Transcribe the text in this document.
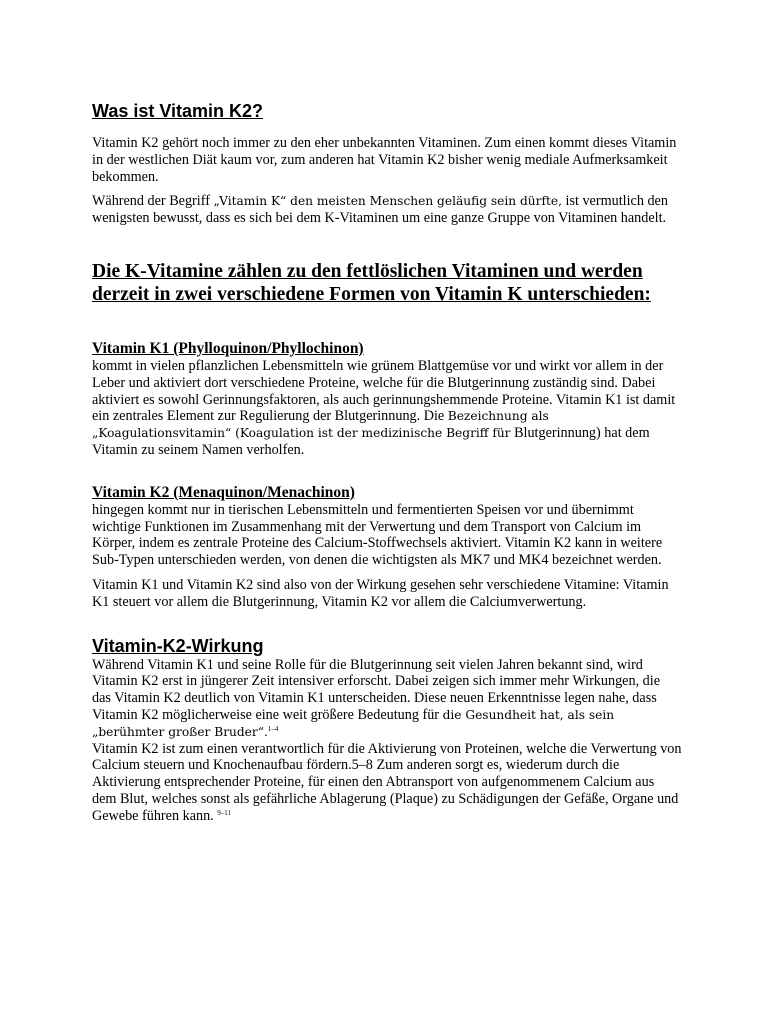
Was ist Vitamin K2?

Vitamin K2 gehört noch immer zu den eher unbekannten Vitaminen. Zum einen kommt dieses Vitamin in der westlichen Diät kaum vor, zum anderen hat Vitamin K2 bisher wenig mediale Aufmerksamkeit bekommen.

Während der Begriff „Vitamin K“ den meisten Menschen geläufig sein dürfte, ist vermutlich den wenigsten bewusst, dass es sich bei dem K-Vitaminen um eine ganze Gruppe von Vitaminen handelt.

Die K-Vitamine zählen zu den fettlöslichen Vitaminen und werden derzeit in zwei verschiedene Formen von Vitamin K unterschieden:
Vitamin K1 (Phylloquinon/Phyllochinon)

kommt in vielen pflanzlichen Lebensmitteln wie grünem Blattgemüse vor und wirkt vor allem in der Leber und aktiviert dort verschiedene Proteine, welche für die Blutgerinnung zuständig sind. Dabei aktiviert es sowohl Gerinnungsfaktoren, als auch gerinnungshemmende Proteine. Vitamin K1 ist damit ein zentrales Element zur Regulierung der Blutgerinnung. Die Bezeichnung als „Koagulationsvitamin“ (Koagulation ist der medizinische Begriff für Blutgerinnung) hat dem Vitamin zu seinem Namen verholfen.

Vitamin K2 (Menaquinon/Menachinon)

hingegen kommt nur in tierischen Lebensmitteln und fermentierten Speisen vor und übernimmt wichtige Funktionen im Zusammenhang mit der Verwertung und dem Transport von Calcium im Körper, indem es zentrale Proteine des Calcium-Stoffwechsels aktiviert. Vitamin K2 kann in weitere Sub-Typen unterschieden werden, von denen die wichtigsten als MK7 und MK4 bezeichnet werden.

Vitamin K1 und Vitamin K2 sind also von der Wirkung gesehen sehr verschiedene Vitamine: Vitamin K1 steuert vor allem die Blutgerinnung, Vitamin K2 vor allem die Calciumverwertung.

Vitamin-K2-Wirkung

Während Vitamin K1 und seine Rolle für die Blutgerinnung seit vielen Jahren bekannt sind, wird Vitamin K2 erst in jüngerer Zeit intensiver erforscht. Dabei zeigen sich immer mehr Wirkungen, die das Vitamin K2 deutlich von Vitamin K1 unterscheiden. Diese neuen Erkenntnisse legen nahe, dass Vitamin K2 möglicherweise eine weit größere Bedeutung für die Gesundheit hat, als sein „berühmter großer Bruder“.$^{1-4}$

Vitamin K2 ist zum einen verantwortlich für die Aktivierung von Proteinen, welche die Verwertung von Calcium steuern und Knochenaufbau fördern.5–8 Zum anderen sorgt es, wiederum durch die Aktivierung entsprechender Proteine, für einen den Abtransport von aufgenommenem Calcium aus dem Blut, welches sonst als gefährliche Ablagerung (Plaque) zu Schädigungen der Gefäße, Organe und Gewebe führen kann. $^{9-11}$
